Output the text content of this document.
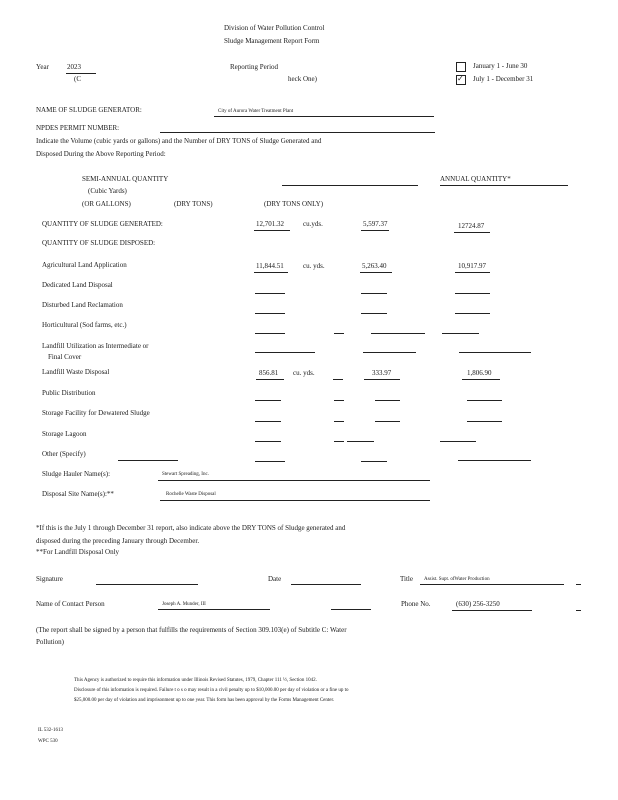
Division of Water Pollution Control
Sludge Management Report Form
Year	2023
(C
Reporting Period
heck One)
January 1 - June 30
✓ July 1 - December 31
NAME OF SLUDGE GENERATOR:	City of Aurora Water Treatment Plant
NPDES PERMIT NUMBER:
Indicate the Volume (cubic yards or gallons) and the Number of DRY TONS of Sludge Generated and
Disposed During the Above Reporting Period:
SEMI-ANNUAL QUANTITY	ANNUAL QUANTITY*
(Cubic Yards)
(OR GALLONS)	(DRY TONS)	(DRY TONS ONLY)
QUANTITY OF SLUDGE GENERATED:	12,701.32	cu.yds.	5,597.37	12724.87
QUANTITY OF SLUDGE DISPOSED:
Agricultural Land Application	11,844.51	cu. yds.	5,263.40	10,917.97
Dedicated Land Disposal
Disturbed Land Reclamation
Horticultural (Sod farms, etc.)
Landfill Utilization as Intermediate or
Final Cover
Landfill Waste Disposal	856.81 cu. yds.	333.97	1,806.90
Public Distribution
Storage Facility for Dewatered Sludge
Storage Lagoon
Other (Specify)
Sludge Hauler Name(s):	Stewart Spreading, Inc.
Disposal Site Name(s):**	Rochelle Waste Disposal
*If this is the July 1 through December 31 report, also indicate above the DRY TONS of Sludge generated and
disposed during the preceding January through December.
**For Landfill Disposal Only
Signature	Date	Title Assist. Supt. ofWater Production
Name of Contact Person	Joseph A. Munder, III	Phone No.	(630) 256-3250
(The report shall be signed by a person that fulfills the requirements of Section 309.103(e) of Subtitle C: Water
Pollution)
This Agency is authorized to require this information under Illinois Revised Statutes, 1979, Chapter 111 ½, Section 1042.
Disclosure of this information is required. Failure t o s o may result in a civil penalty up to $10,000.00 per day of violation or a fine up to
$25,000.00 per day of violation and imprisonment up to one year. This form has been approval by the Forms Management Center.
IL 532-1613
WPC 530
